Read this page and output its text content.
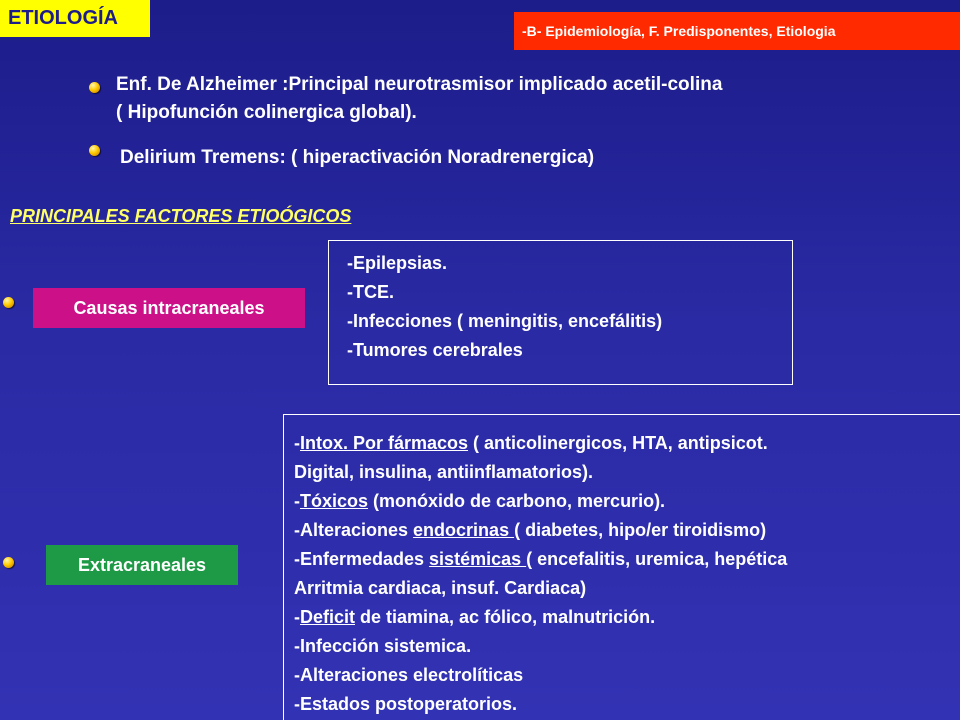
ETIOLOGÍA
-B- Epidemiología, F. Predisponentes, Etiologia
Enf. De Alzheimer :Principal neurotrasmisor implicado acetil-colina
( Hipofunción colinergica global).
Delirium Tremens: ( hiperactivación Noradrenergica)
PRINCIPALES FACTORES ETIOÓGICOS
Causas intracraneales
-Epilepsias.
-TCE.
-Infecciones ( meningitis, encefálitis)
-Tumores cerebrales
Extracraneales
-Intox. Por fármacos ( anticolinergicos, HTA, antipsicot.
Digital, insulina, antiinflamatorios).
-Tóxicos (monóxido de carbono, mercurio).
-Alteraciones endocrinas ( diabetes, hipo/er tiroidismo)
-Enfermedades sistémicas ( encefalitis, uremica, hepética
Arritmia cardiaca, insuf. Cardiaca)
-Deficit de tiamina, ac fólico, malnutrición.
-Infección sistemica.
-Alteraciones electrolíticas
-Estados postoperatorios.
